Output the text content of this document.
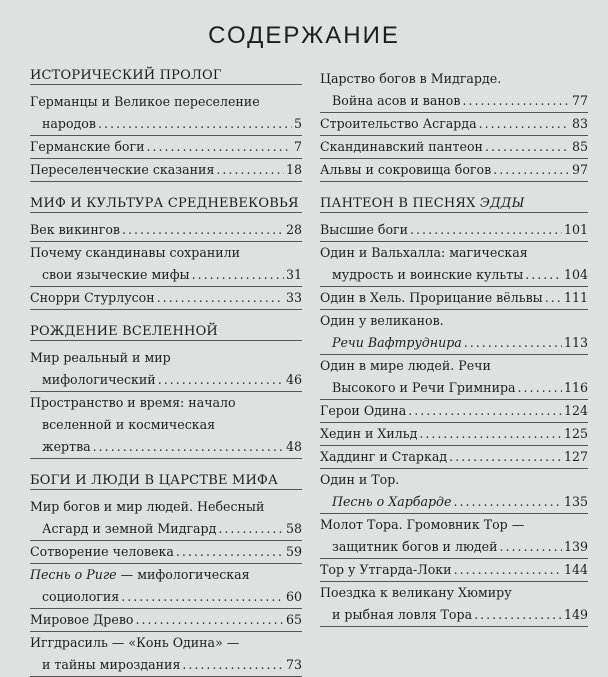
СОДЕРЖАНИЕ
ИСТОРИЧЕСКИЙ ПРОЛОГ
Германцы и Великое переселение
народов . . .	5
Германские боги . . .	7
Переселенческие сказания . . .	18
МИФ И КУЛЬТУРА СРЕДНЕВЕКОВЬЯ
Век викингов . . .	28
Почему скандинавы сохранили
свои языческие мифы . . .	31
Снорри Стурлусон . . .	33
РОЖДЕНИЕ ВСЕЛЕННОЙ
Мир реальный и мир
мифологический . . .	46
Пространство и время: начало
вселенной и космическая
жертва . . .	48
БОГИ И ЛЮДИ В ЦАРСТВЕ МИФА
Мир богов и мир людей. Небесный
Асгард и земной Мидгард . . .	58
Сотворение человека . . .	59
Песнь о Риге — мифологическая
социология . . .	60
Мировое Древо . . .	65
Иггдрасиль — «Конь Одина» —
и тайны мироздания . . .	73
Царство богов в Мидгарде.
Война асов и ванов . . .	77
Строительство Асгарда . . .	83
Скандинавский пантеон . . .	85
Альвы и сокровища богов . . .	97
ПАНТЕОН В ПЕСНЯХ ЭДДЫ
Высшие боги . . .	101
Один и Вальхалла: магическая
мудрость и воинские культы . . .	104
Один в Хель. Прорицание вёльвы . . . 111
Один у великанов.
Речи Вафтруднира . . .	113
Один в мире людей. Речи
Высокого и Речи Гримнира . . .	116
Герои Одина . . .	124
Хедин и Хильд . . .	125
Хаддинг и Старкад . . .	127
Один и Тор.
Песнь о Харбарде . . .	135
Молот Тора. Громовник Тор —
защитник богов и людей . . .	139
Тор у Утгарда-Локи . . .	144
Поездка к великану Хюмиру
и рыбная ловля Тора . . .	149
